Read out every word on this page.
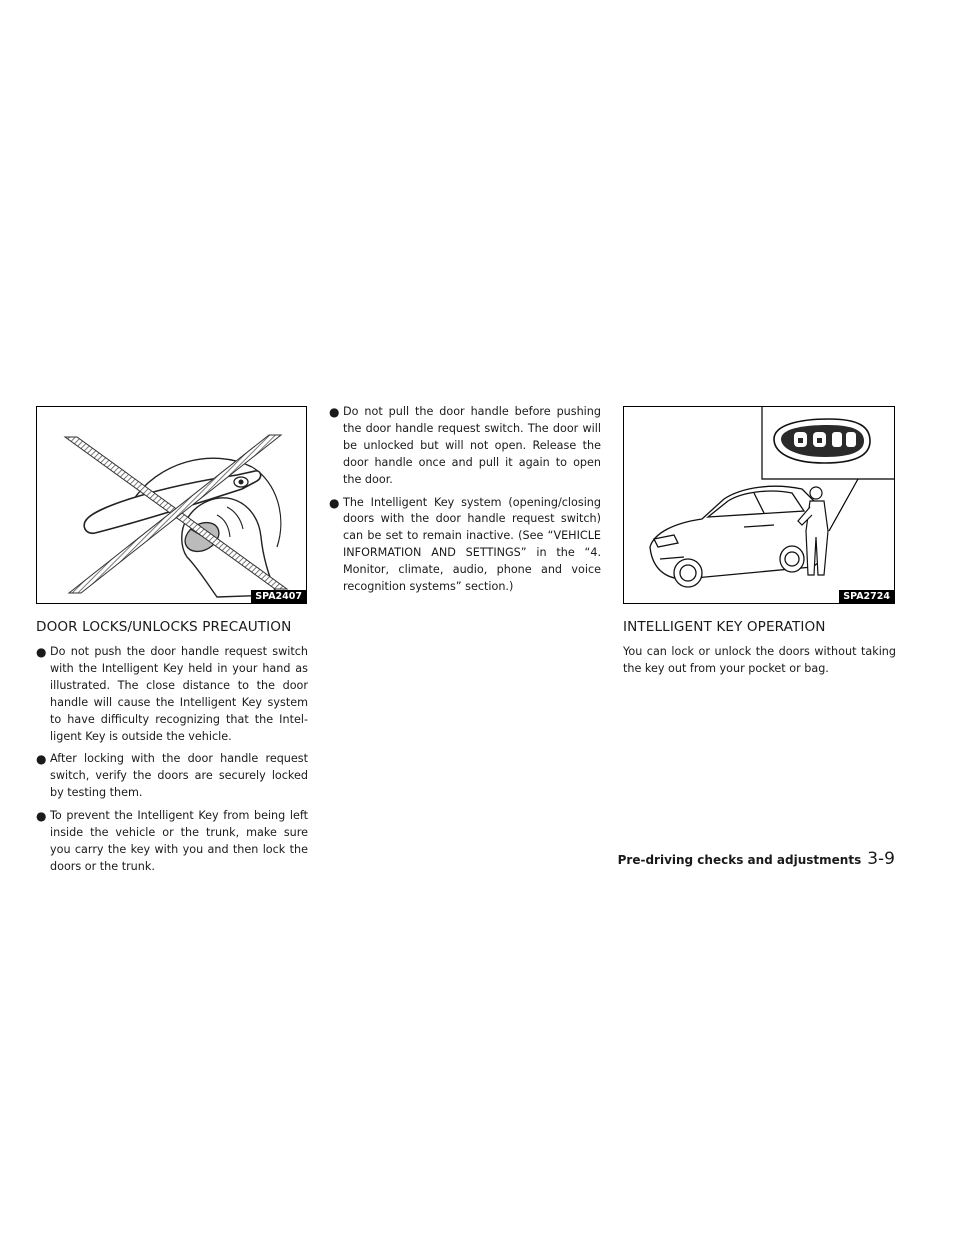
SPA2407	SPA2724
DOOR LOCKS/UNLOCKS PRECAUTION
● Do not push the door handle request switch with the Intelligent Key held in your hand as illustrated. The close distance to the door handle will cause the Intelligent Key system to have difficulty recognizing that the Intel-ligent Key is outside the vehicle.
● After locking with the door handle request switch, verify the doors are securely locked by testing them.
● To prevent the Intelligent Key from being left inside the vehicle or the trunk, make sure you carry the key with you and then lock the doors or the trunk.
● Do not pull the door handle before pushing the door handle request switch. The door will be unlocked but will not open. Release the door handle once and pull it again to open the door.
● The Intelligent Key system (opening/closing doors with the door handle request switch) can be set to remain inactive. (See “VEHICLE INFORMATION AND SETTINGS” in the “4. Monitor, climate, audio, phone and voice recognition systems” section.)
INTELLIGENT KEY OPERATION

You can lock or unlock the doors without taking the key out from your pocket or bag.

Pre-driving checks and adjustments 3-9
